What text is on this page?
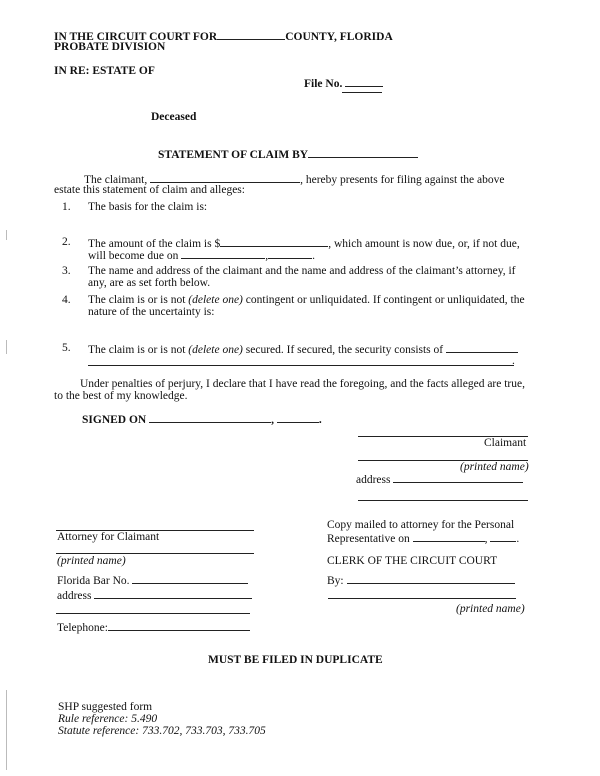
IN THE CIRCUIT COURT FOR	COUNTY, FLORIDA
PROBATE DIVISION
IN RE: ESTATE OF
File No.
Deceased
STATEMENT OF CLAIM BY
The claimant,	, hereby presents for filing against the above
estate this statement of claim and alleges:
1.	The basis for the claim is:
2.	The amount of the claim is $	, which amount is now due, or, if not due,
will become due on	,	.
3.	The name and address of the claimant and the name and address of the claimant’s attorney, if
any, are as set forth below.
4.	The claim is or is not (delete one) contingent or unliquidated. If contingent or unliquidated, the
nature of the uncertainty is:
5.	The claim is or is not (delete one) secured. If secured, the security consists of
.
Under penalties of perjury, I declare that I have read the foregoing, and the facts alleged are true,
to the best of my knowledge.
SIGNED ON	,	.
Claimant
(printed name)
address
Attorney for Claimant
(printed name)
Florida Bar No.
address
Telephone:
Copy mailed to attorney for the Personal
Representative on	,	.
CLERK OF THE CIRCUIT COURT
By:
(printed name)
MUST BE FILED IN DUPLICATE
SHP suggested form
Rule reference: 5.490
Statute reference: 733.702, 733.703, 733.705
